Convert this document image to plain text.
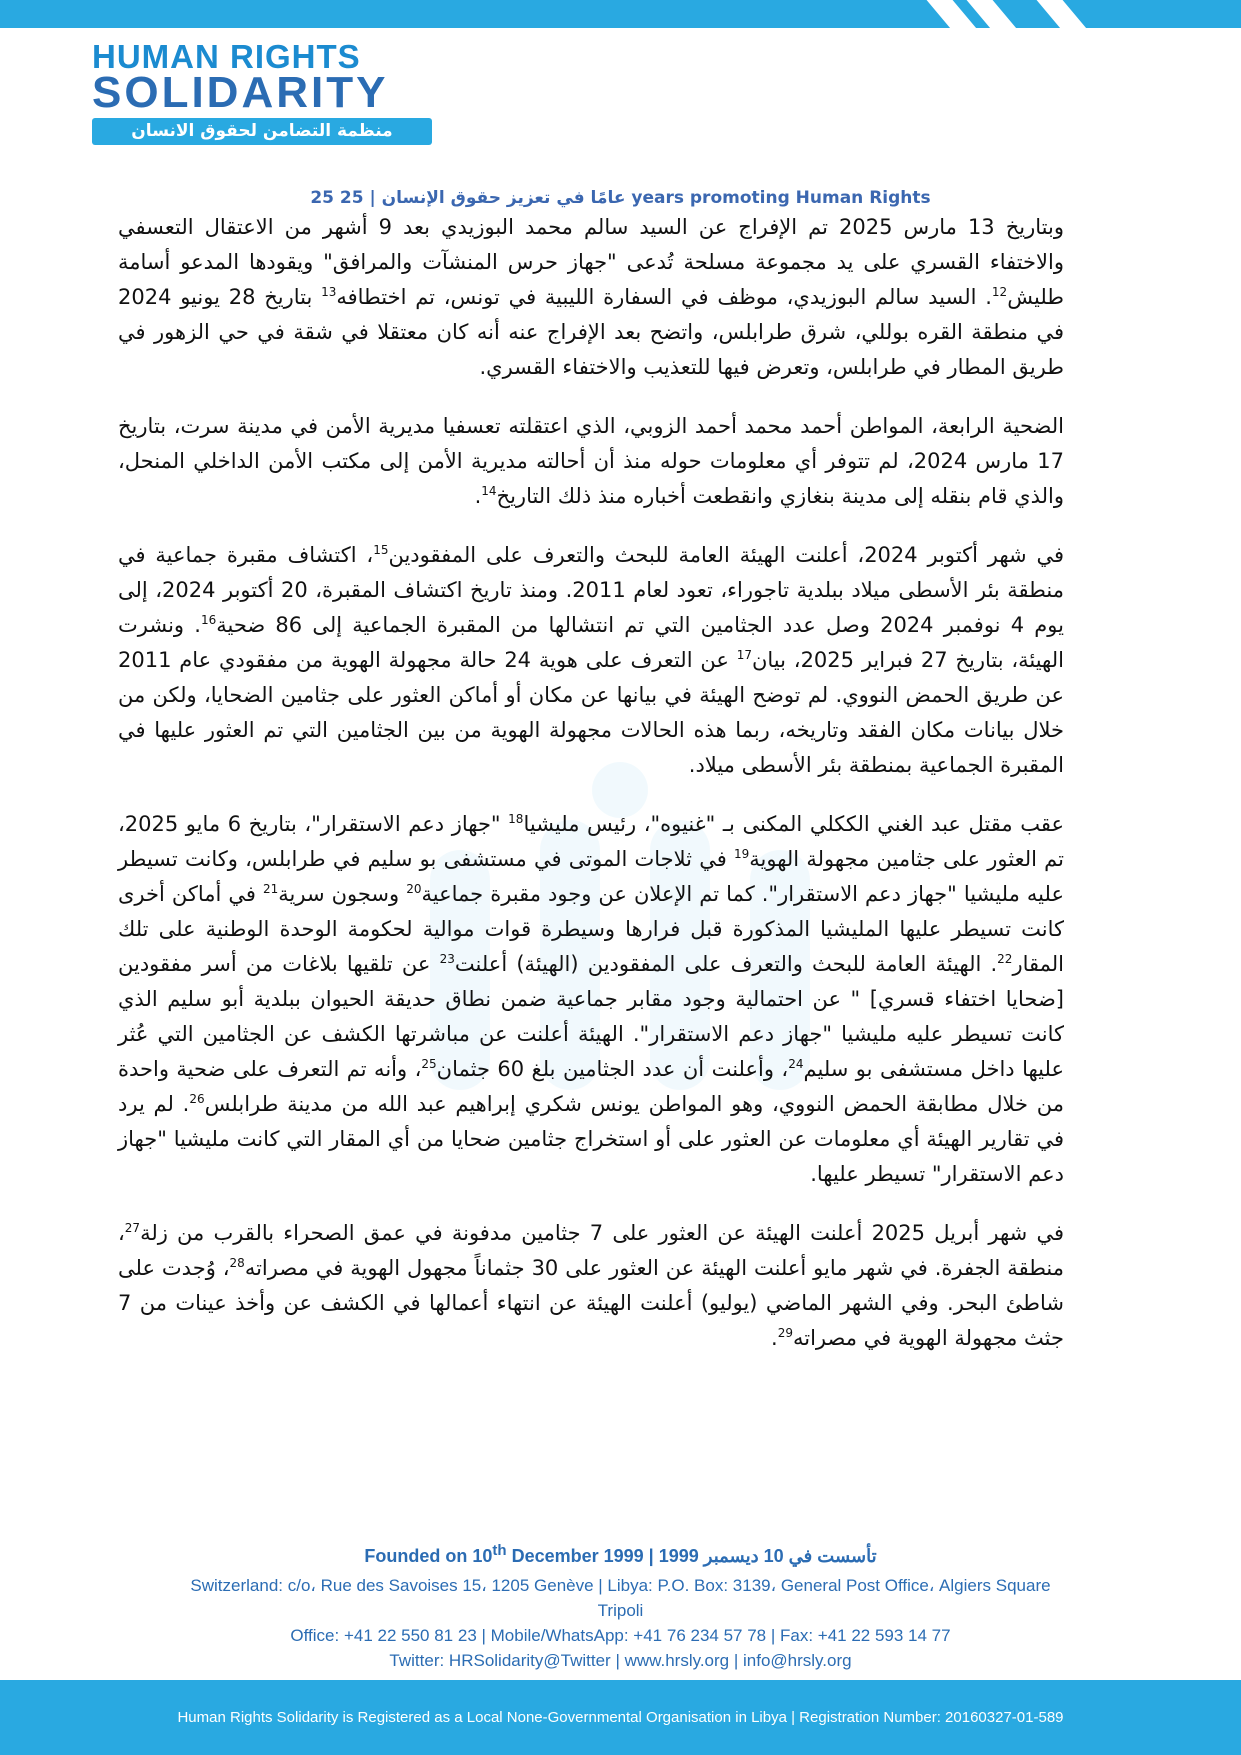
HUMAN RIGHTS
SOLIDARITY
منظمة التضامن لحقوق الانسان
25 عامًا في تعزيز حقوق الإنسان | 25 years promoting Human Rights

وبتاريخ 13 مارس 2025 تم الإفراج عن السيد سالم محمد البوزيدي بعد 9 أشهر من الاعتقال التعسفي والاختفاء القسري على يد مجموعة مسلحة تُدعى "جهاز حرس المنشآت والمرافق" ويقودها المدعو أسامة طليش$^{12}$. السيد سالم البوزيدي، موظف في السفارة الليبية في تونس، تم اختطافه$^{13}$ بتاريخ 28 يونيو 2024 في منطقة القره بوللي، شرق طرابلس، واتضح بعد الإفراج عنه أنه كان معتقلا في شقة في حي الزهور في طريق المطار في طرابلس، وتعرض فيها للتعذيب والاختفاء القسري.

الضحية الرابعة، المواطن أحمد محمد أحمد الزوبي، الذي اعتقلته تعسفيا مديرية الأمن في مدينة سرت، بتاريخ 17 مارس 2024، لم تتوفر أي معلومات حوله منذ أن أحالته مديرية الأمن إلى مكتب الأمن الداخلي المنحل، والذي قام بنقله إلى مدينة بنغازي وانقطعت أخباره منذ ذلك التاريخ$^{14}$.

في شهر أكتوبر 2024، أعلنت الهيئة العامة للبحث والتعرف على المفقودين$^{15}$، اكتشاف مقبرة جماعية في منطقة بئر الأسطى ميلاد ببلدية تاجوراء، تعود لعام 2011. ومنذ تاريخ اكتشاف المقبرة، 20 أكتوبر 2024، إلى يوم 4 نوفمبر 2024 وصل عدد الجثامين التي تم انتشالها من المقبرة الجماعية إلى 86 ضحية$^{16}$. ونشرت الهيئة، بتاريخ 27 فبراير 2025، بيان$^{17}$ عن التعرف على هوية 24 حالة مجهولة الهوية من مفقودي عام 2011 عن طريق الحمض النووي. لم توضح الهيئة في بيانها عن مكان أو أماكن العثور على جثامين الضحايا، ولكن من خلال بيانات مكان الفقد وتاريخه، ربما هذه الحالات مجهولة الهوية من بين الجثامين التي تم العثور عليها في المقبرة الجماعية بمنطقة بئر الأسطى ميلاد.

عقب مقتل عبد الغني الككلي المكنى بـ "غنيوه"، رئيس مليشيا$^{18}$ "جهاز دعم الاستقرار"، بتاريخ 6 مايو 2025، تم العثور على جثامين مجهولة الهوية$^{19}$ في ثلاجات الموتى في مستشفى بو سليم في طرابلس، وكانت تسيطر عليه مليشيا "جهاز دعم الاستقرار". كما تم الإعلان عن وجود مقبرة جماعية$^{20}$ وسجون سرية$^{21}$ في أماكن أخرى كانت تسيطر عليها المليشيا المذكورة قبل فرارها وسيطرة قوات موالية لحكومة الوحدة الوطنية على تلك المقار$^{22}$. الهيئة العامة للبحث والتعرف على المفقودين (الهيئة) أعلنت$^{23}$ عن تلقيها بلاغات من أسر مفقودين [ضحايا اختفاء قسري] " عن احتمالية وجود مقابر جماعية ضمن نطاق حديقة الحيوان ببلدية أبو سليم الذي كانت تسيطر عليه مليشيا "جهاز دعم الاستقرار". الهيئة أعلنت عن مباشرتها الكشف عن الجثامين التي عُثر عليها داخل مستشفى بو سليم$^{24}$، وأعلنت أن عدد الجثامين بلغ 60 جثمان$^{25}$، وأنه تم التعرف على ضحية واحدة من خلال مطابقة الحمض النووي، وهو المواطن يونس شكري إبراهيم عبد الله من مدينة طرابلس$^{26}$. لم يرد في تقارير الهيئة أي معلومات عن العثور على أو استخراج جثامين ضحايا من أي المقار التي كانت مليشيا "جهاز دعم الاستقرار" تسيطر عليها.

في شهر أبريل 2025 أعلنت الهيئة عن العثور على 7 جثامين مدفونة في عمق الصحراء بالقرب من زلة$^{27}$، منطقة الجفرة. في شهر مايو أعلنت الهيئة عن العثور على 30 جثماناً مجهول الهوية في مصراته$^{28}$، وُجدت على شاطئ البحر. وفي الشهر الماضي (يوليو) أعلنت الهيئة عن انتهاء أعمالها في الكشف عن وأخذ عينات من 7 جثث مجهولة الهوية في مصراته$^{29}$.

Founded on 10th December 1999 | تأسست في 10 ديسمبر 1999
Switzerland: c/o، Rue des Savoises 15، 1205 Genève | Libya: P.O. Box: 3139، General Post Office، Algiers Square
Tripoli
Office: +41 22 550 81 23 | Mobile/WhatsApp: +41 76 234 57 78 | Fax: +41 22 593 14 77
Twitter: HRSolidarity@Twitter | www.hrsly.org | info@hrsly.org
Human Rights Solidarity is Registered as a Local None-Governmental Organisation in Libya | Registration Number: 20160327-01-589
